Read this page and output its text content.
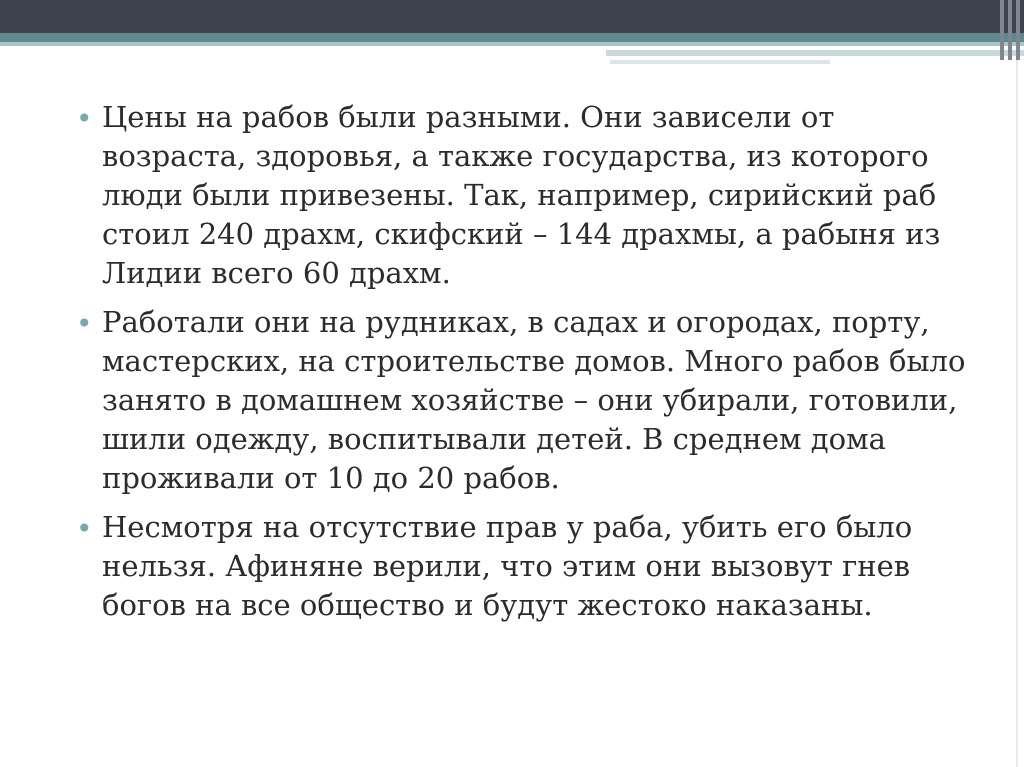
• Цены на рабов были разными. Они зависели от возраста, здоровья, а также государства, из которого люди были привезены. Так, например, сирийский раб стоил 240 драхм, скифский – 144 драхмы, а рабыня из Лидии всего 60 драхм.
• Работали они на рудниках, в садах и огородах, порту, мастерских, на строительстве домов. Много рабов было занято в домашнем хозяйстве – они убирали, готовили, шили одежду, воспитывали детей. В среднем дома проживали от 10 до 20 рабов.
• Несмотря на отсутствие прав у раба, убить его было нельзя. Афиняне верили, что этим они вызовут гнев богов на все общество и будут жестоко наказаны.
